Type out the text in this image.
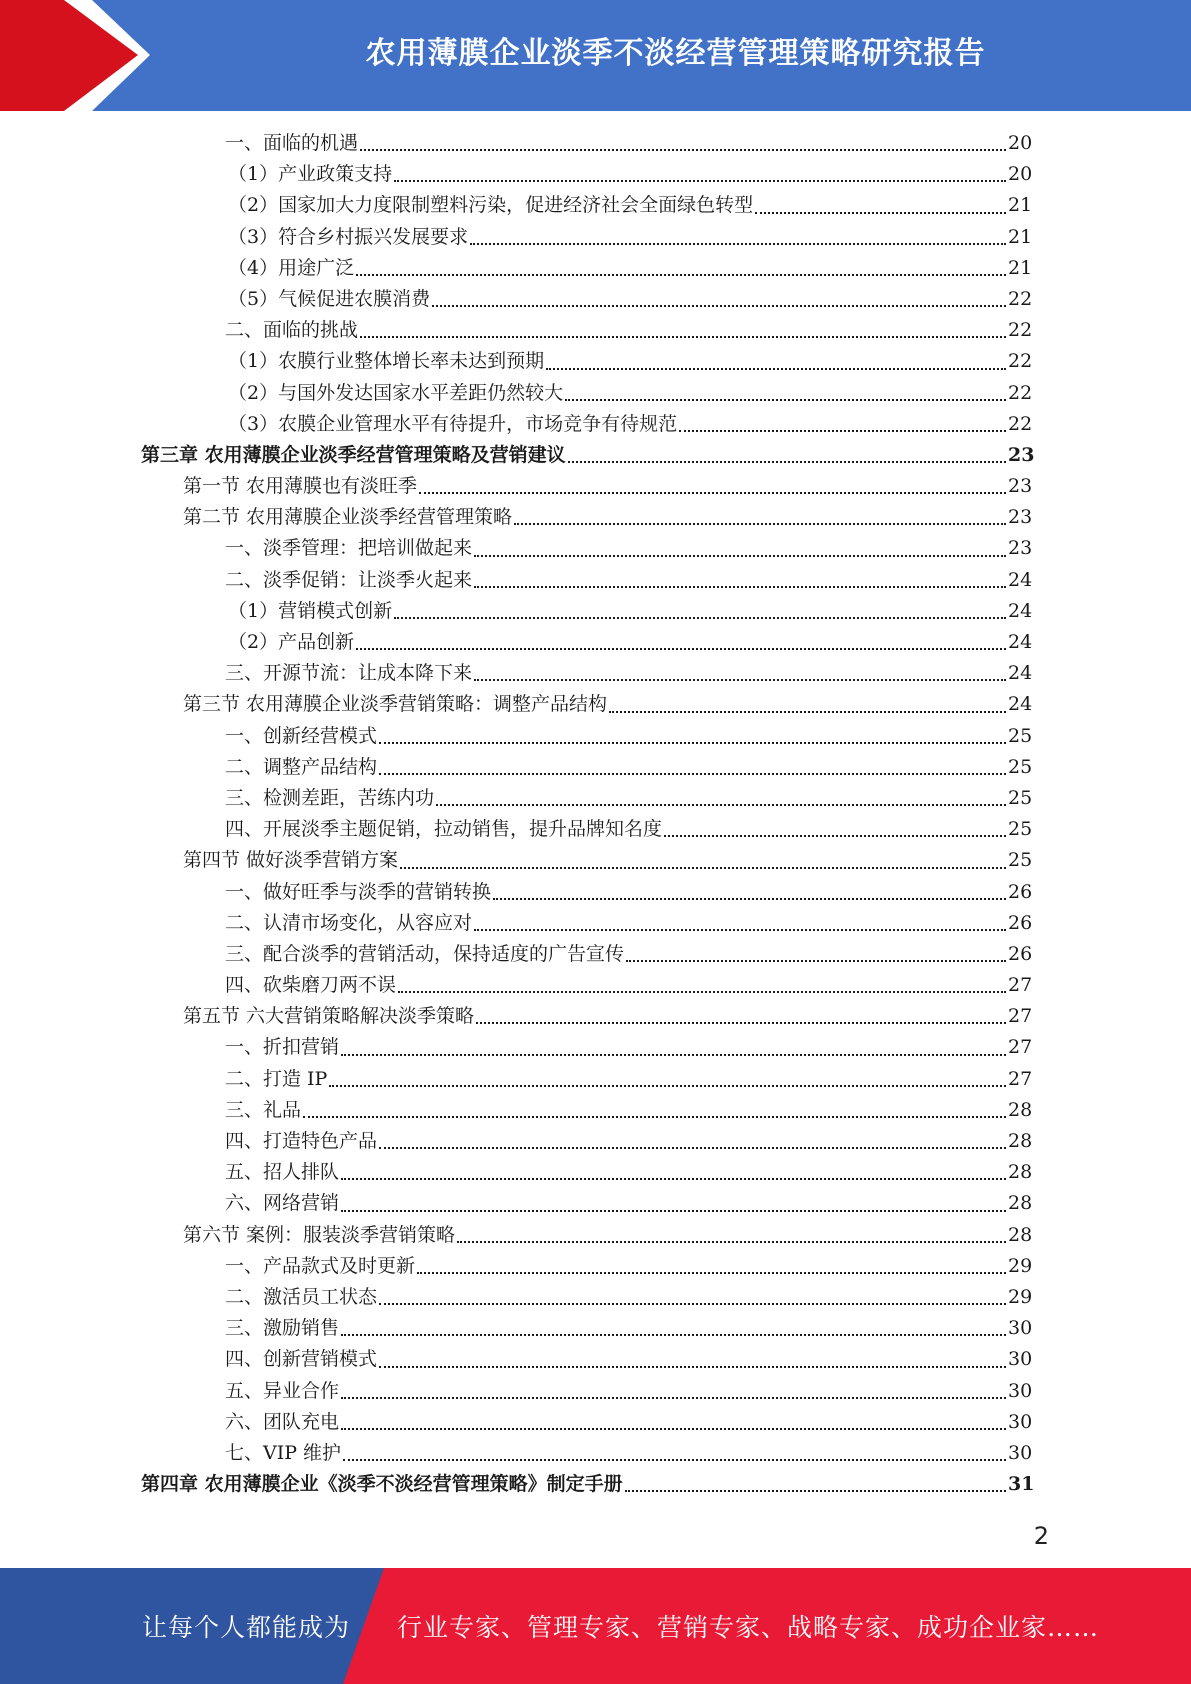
农用薄膜企业淡季不淡经营管理策略研究报告
一、面临的机遇	20
（1）产业政策支持	20
（2）国家加大力度限制塑料污染，促进经济社会全面绿色转型	21
（3）符合乡村振兴发展要求	21
（4）用途广泛	21
（5）气候促进农膜消费	22
二、面临的挑战	22
（1）农膜行业整体增长率未达到预期	22
（2）与国外发达国家水平差距仍然较大	22
（3）农膜企业管理水平有待提升，市场竞争有待规范	22
第三章 农用薄膜企业淡季经营管理策略及营销建议	23
第一节 农用薄膜也有淡旺季	23
第二节 农用薄膜企业淡季经营管理策略	23
一、淡季管理：把培训做起来	23
二、淡季促销：让淡季火起来	24
（1）营销模式创新	24
（2）产品创新	24
三、开源节流：让成本降下来	24
第三节 农用薄膜企业淡季营销策略：调整产品结构	24
一、创新经营模式	25
二、调整产品结构	25
三、检测差距，苦练内功	25
四、开展淡季主题促销，拉动销售，提升品牌知名度	25
第四节 做好淡季营销方案	25
一、做好旺季与淡季的营销转换	26
二、认清市场变化，从容应对	26
三、配合淡季的营销活动，保持适度的广告宣传	26
四、砍柴磨刀两不误	27
第五节 六大营销策略解决淡季策略	27
一、折扣营销	27
二、打造 IP	27
三、礼品	28
四、打造特色产品	28
五、招人排队	28
六、网络营销	28
第六节 案例：服装淡季营销策略	28
一、产品款式及时更新	29
二、激活员工状态	29
三、激励销售	30
四、创新营销模式	30
五、异业合作	30
六、团队充电	30
七、VIP 维护	30
第四章 农用薄膜企业《淡季不淡经营管理策略》制定手册	31
2
让每个人都能成为 行业专家、管理专家、营销专家、战略专家、成功企业家……
